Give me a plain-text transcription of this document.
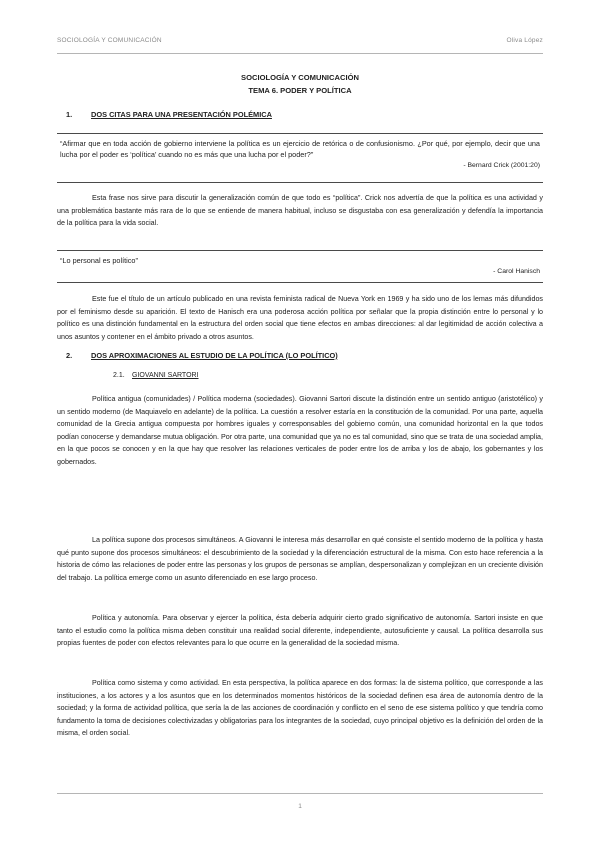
SOCIOLOGÍA Y COMUNICACIÓN	Oliva López
SOCIOLOGÍA Y COMUNICACIÓN
TEMA 6. PODER Y POLÍTICA
1.	DOS CITAS PARA UNA PRESENTACIÓN POLÉMICA
“Afirmar que en toda acción de gobierno interviene la política es un ejercicio de retórica o de confusionismo. ¿Por qué, por ejemplo, decir que una lucha por el poder es ‘política’ cuando no es más que una lucha por el poder?”
- Bernard Crick (2001:20)

Esta frase nos sirve para discutir la generalización común de que todo es “política”. Crick nos advertía de que la política es una actividad y una problemática bastante más rara de lo que se entiende de manera habitual, incluso se disgustaba con esa generalización y defendía la importancia de la política para la vida social.

“Lo personal es político”
- Carol Hanisch

Este fue el título de un artículo publicado en una revista feminista radical de Nueva York en 1969 y ha sido uno de los lemas más difundidos por el feminismo desde su aparición. El texto de Hanisch era una poderosa acción política por señalar que la propia distinción entre lo personal y lo político es una distinción fundamental en la estructura del orden social que tiene efectos en ambas direcciones: al dar legitimidad de acción colectiva a unos asuntos y contener en el ámbito privado a otros asuntos.

2.	DOS APROXIMACIONES AL ESTUDIO DE LA POLÍTICA (LO POLÍTICO)
2.1. GIOVANNI SARTORI

Política antigua (comunidades) / Política moderna (sociedades). Giovanni Sartori discute la distinción entre un sentido antiguo (aristotélico) y un sentido moderno (de Maquiavelo en adelante) de la política. La cuestión a resolver estaría en la constitución de la comunidad. Por una parte, aquella comunidad de la Grecia antigua compuesta por hombres iguales y corresponsables del gobierno común, una comunidad horizontal en la que todos podían conocerse y demandarse mutua obligación. Por otra parte, una comunidad que ya no es tal comunidad, sino que se trata de una sociedad amplia, en la que pocos se conocen y en la que hay que resolver las relaciones verticales de poder entre los de arriba y los de abajo, los gobernantes y los gobernados.

La política supone dos procesos simultáneos. A Giovanni le interesa más desarrollar en qué consiste el sentido moderno de la política y hasta qué punto supone dos procesos simultáneos: el descubrimiento de la sociedad y la diferenciación estructural de la misma. Con esto hace referencia a la historia de cómo las relaciones de poder entre las personas y los grupos de personas se amplían, despersonalizan y complejizan en un creciente división del trabajo. La política emerge como un asunto diferenciado en ese largo proceso.

Política y autonomía. Para observar y ejercer la política, ésta debería adquirir cierto grado significativo de autonomía. Sartori insiste en que tanto el estudio como la política misma deben constituir una realidad social diferente, independiente, autosuficiente y causal. La política desarrolla sus propias fuentes de poder con efectos relevantes para lo que ocurre en la generalidad de la sociedad misma.

Política como sistema y como actividad. En esta perspectiva, la política aparece en dos formas: la de sistema político, que corresponde a las instituciones, a los actores y a los asuntos que en los determinados momentos históricos de la sociedad definen esa área de autonomía dentro de la sociedad; y la forma de actividad política, que sería la de las acciones de coordinación y conflicto en el seno de ese sistema político y que tendría como fundamento la toma de decisiones colectivizadas y obligatorias para los integrantes de la sociedad, cuyo principal objetivo es la definición del orden de la misma, el orden social.

1
